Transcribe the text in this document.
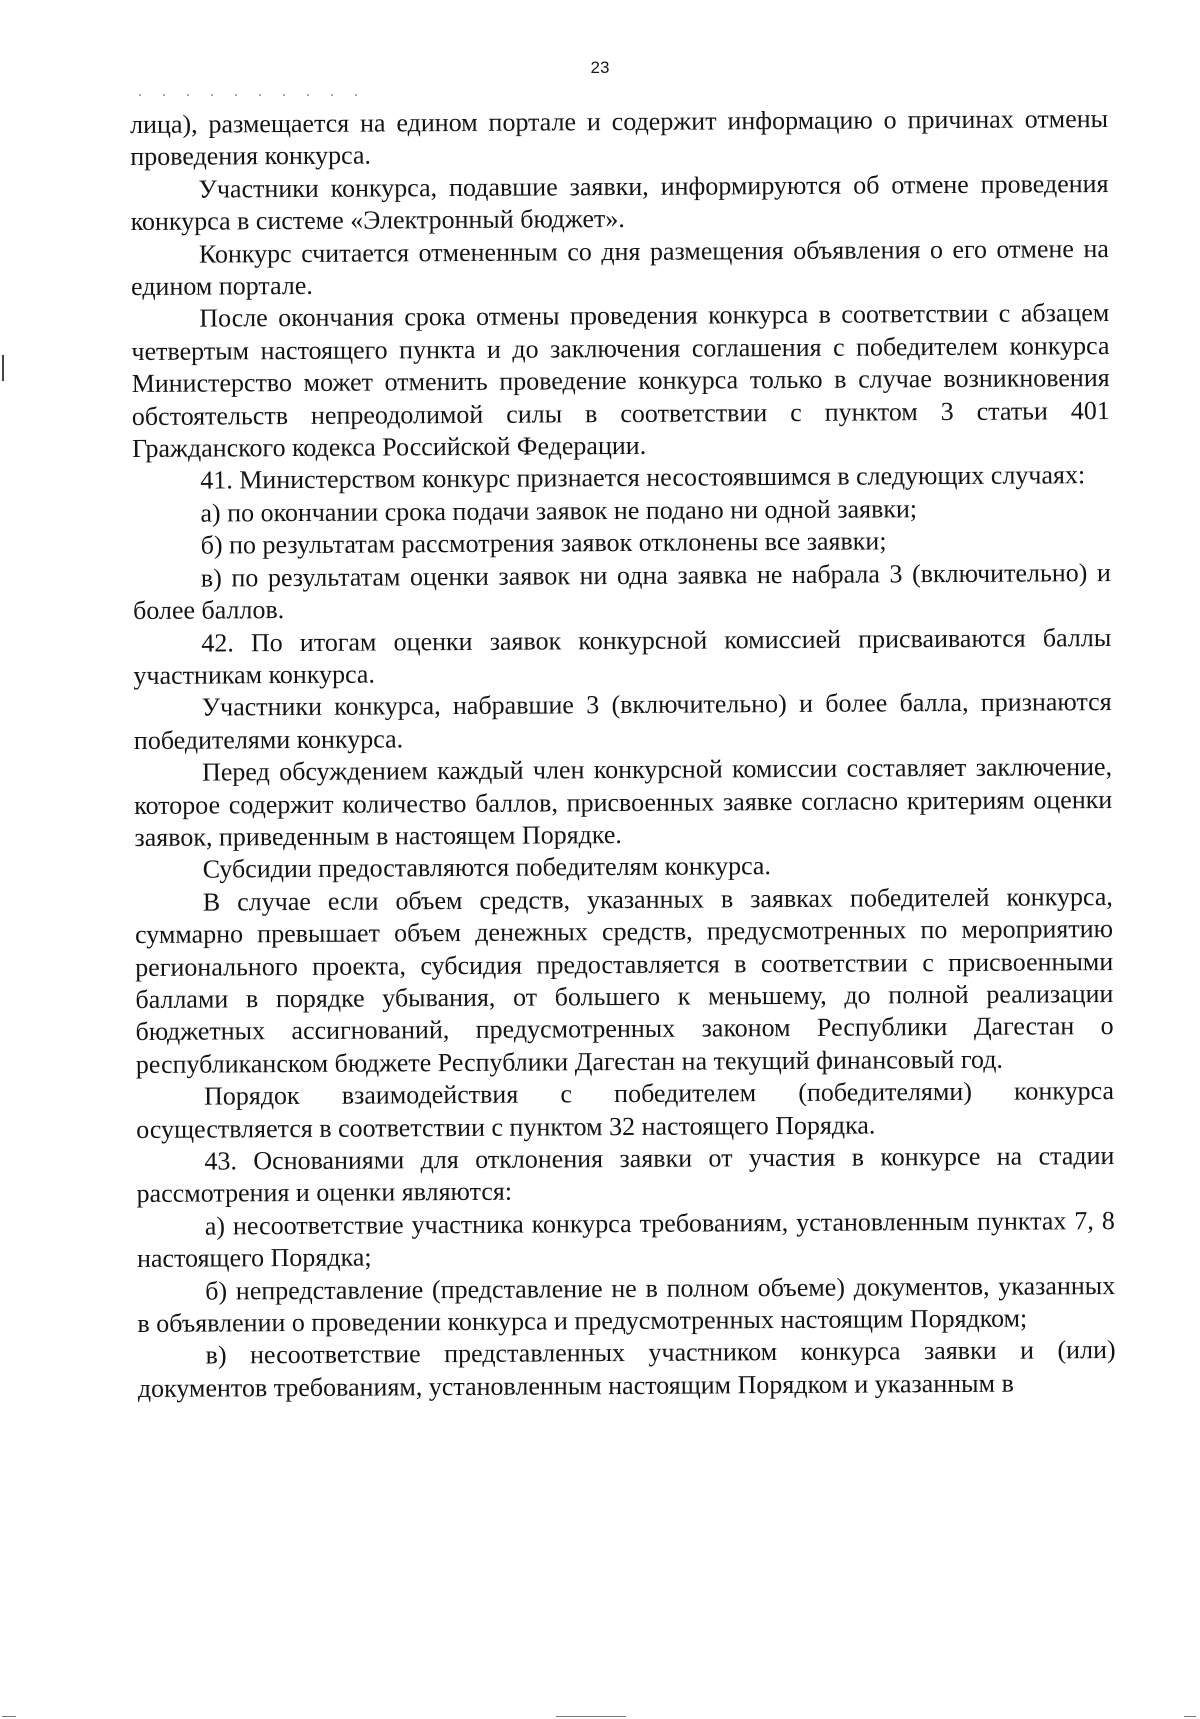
23

лица), размещается на едином портале и содержит информацию о причинах отмены проведения конкурса.

Участники конкурса, подавшие заявки, информируются об отмене проведения конкурса в системе «Электронный бюджет».

Конкурс считается отмененным со дня размещения объявления о его отмене на едином портале.

После окончания срока отмены проведения конкурса в соответствии с абзацем четвертым настоящего пункта и до заключения соглашения с победителем конкурса Министерство может отменить проведение конкурса только в случае возникновения обстоятельств непреодолимой силы в соответствии с пунктом 3 статьи 401 Гражданского кодекса Российской Федерации.

41. Министерством конкурс признается несостоявшимся в следующих случаях:

а) по окончании срока подачи заявок не подано ни одной заявки;

б) по результатам рассмотрения заявок отклонены все заявки;

в) по результатам оценки заявок ни одна заявка не набрала 3 (включительно) и более баллов.

42. По итогам оценки заявок конкурсной комиссией присваиваются баллы участникам конкурса.

Участники конкурса, набравшие 3 (включительно) и более балла, признаются победителями конкурса.

Перед обсуждением каждый член конкурсной комиссии составляет заключение, которое содержит количество баллов, присвоенных заявке согласно критериям оценки заявок, приведенным в настоящем Порядке.

Субсидии предоставляются победителям конкурса.

В случае если объем средств, указанных в заявках победителей конкурса, суммарно превышает объем денежных средств, предусмотренных по мероприятию регионального проекта, субсидия предоставляется в соответствии с присвоенными баллами в порядке убывания, от большего к меньшему, до полной реализации бюджетных ассигнований, предусмотренных законом Республики Дагестан о республиканском бюджете Республики Дагестан на текущий финансовый год.

Порядок взаимодействия с победителем (победителями) конкурса осуществляется в соответствии с пунктом 32 настоящего Порядка.

43. Основаниями для отклонения заявки от участия в конкурсе на стадии рассмотрения и оценки являются:

а) несоответствие участника конкурса требованиям, установленным пунктах 7, 8 настоящего Порядка;

б) непредставление (представление не в полном объеме) документов, указанных в объявлении о проведении конкурса и предусмотренных настоящим Порядком;

в) несоответствие представленных участником конкурса заявки и (или) документов требованиям, установленным настоящим Порядком и указанным в
